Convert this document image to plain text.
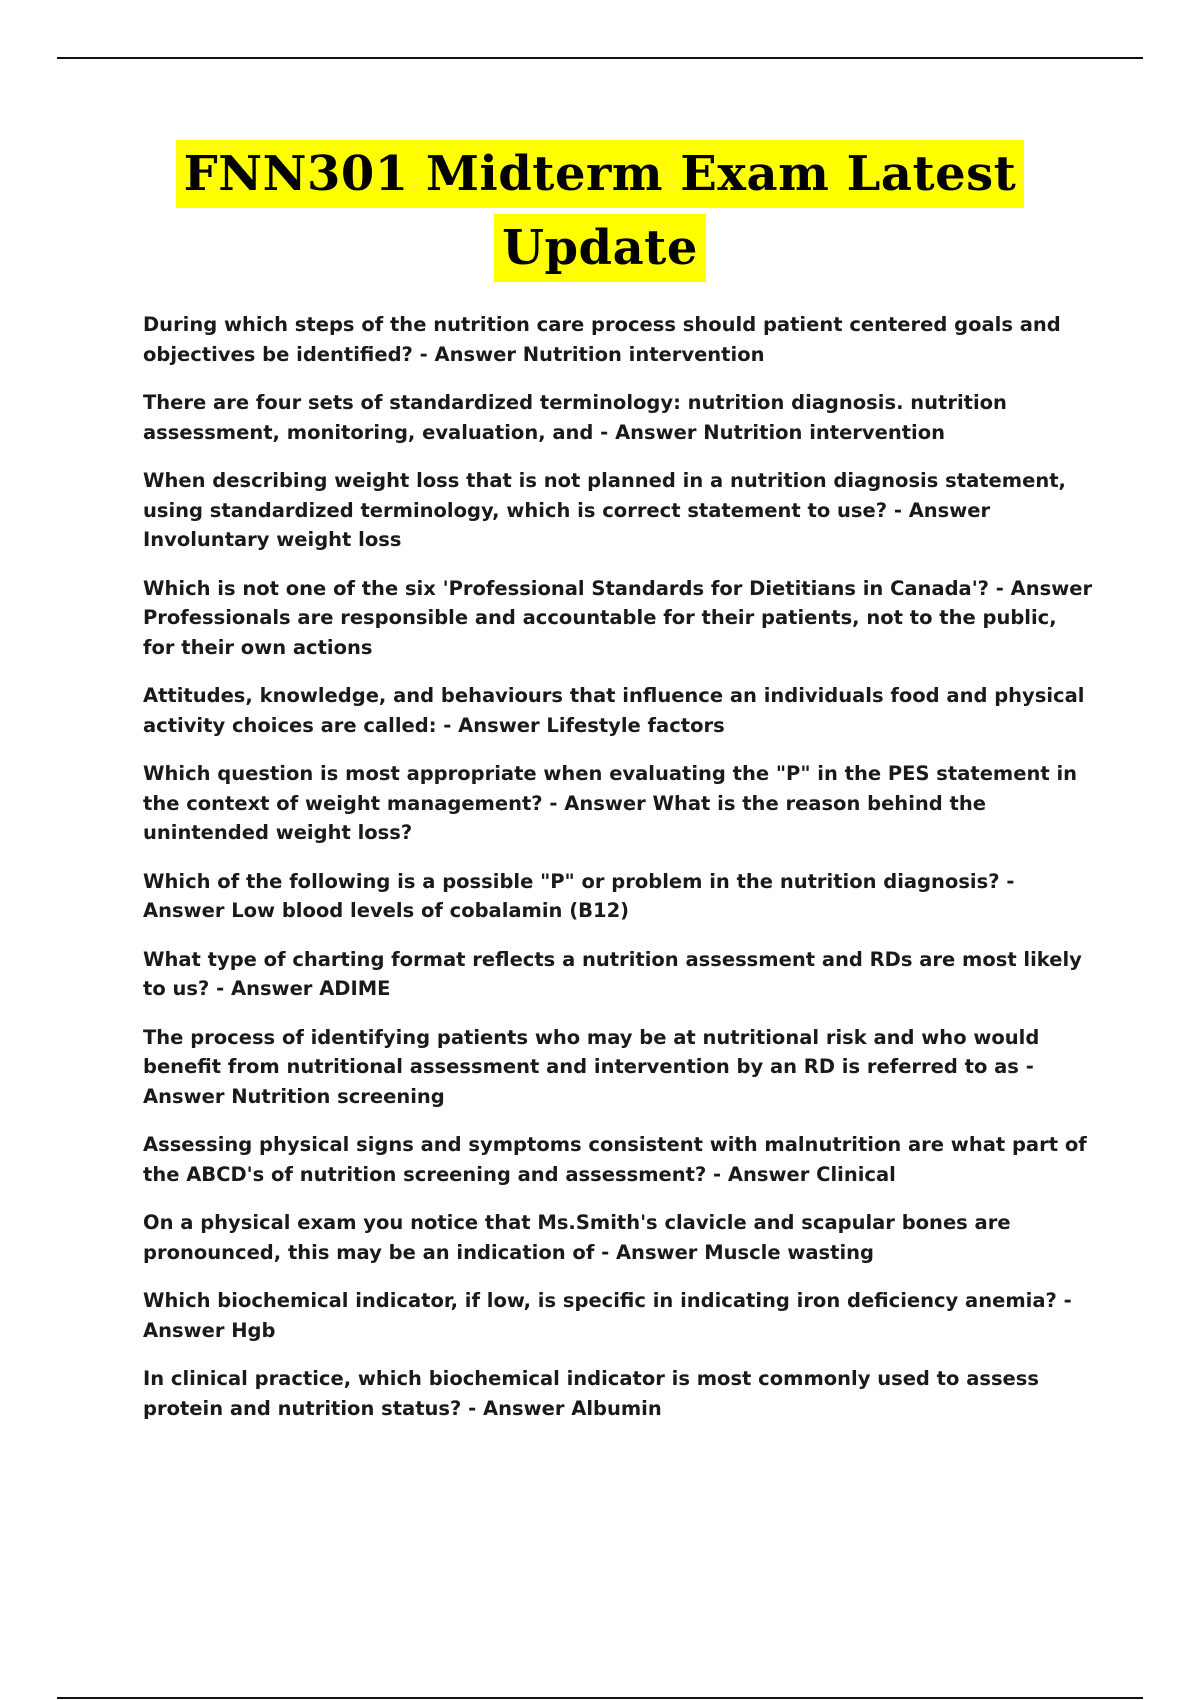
FNN301 Midterm Exam Latest
Update
During which steps of the nutrition care process should patient centered goals and objectives be identified? - Answer Nutrition intervention
There are four sets of standardized terminology: nutrition diagnosis. nutrition assessment, monitoring, evaluation, and - Answer Nutrition intervention
When describing weight loss that is not planned in a nutrition diagnosis statement, using standardized terminology, which is correct statement to use? - Answer Involuntary weight loss
Which is not one of the six 'Professional Standards for Dietitians in Canada'? - Answer Professionals are responsible and accountable for their patients, not to the public, for their own actions
Attitudes, knowledge, and behaviours that influence an individuals food and physical activity choices are called: - Answer Lifestyle factors
Which question is most appropriate when evaluating the "P" in the PES statement in the context of weight management? - Answer What is the reason behind the unintended weight loss?
Which of the following is a possible "P" or problem in the nutrition diagnosis? - Answer Low blood levels of cobalamin (B12)
What type of charting format reflects a nutrition assessment and RDs are most likely to us? - Answer ADIME
The process of identifying patients who may be at nutritional risk and who would benefit from nutritional assessment and intervention by an RD is referred to as - Answer Nutrition screening
Assessing physical signs and symptoms consistent with malnutrition are what part of the ABCD's of nutrition screening and assessment? - Answer Clinical
On a physical exam you notice that Ms.Smith's clavicle and scapular bones are pronounced, this may be an indication of - Answer Muscle wasting
Which biochemical indicator, if low, is specific in indicating iron deficiency anemia? - Answer Hgb
In clinical practice, which biochemical indicator is most commonly used to assess protein and nutrition status? - Answer Albumin
